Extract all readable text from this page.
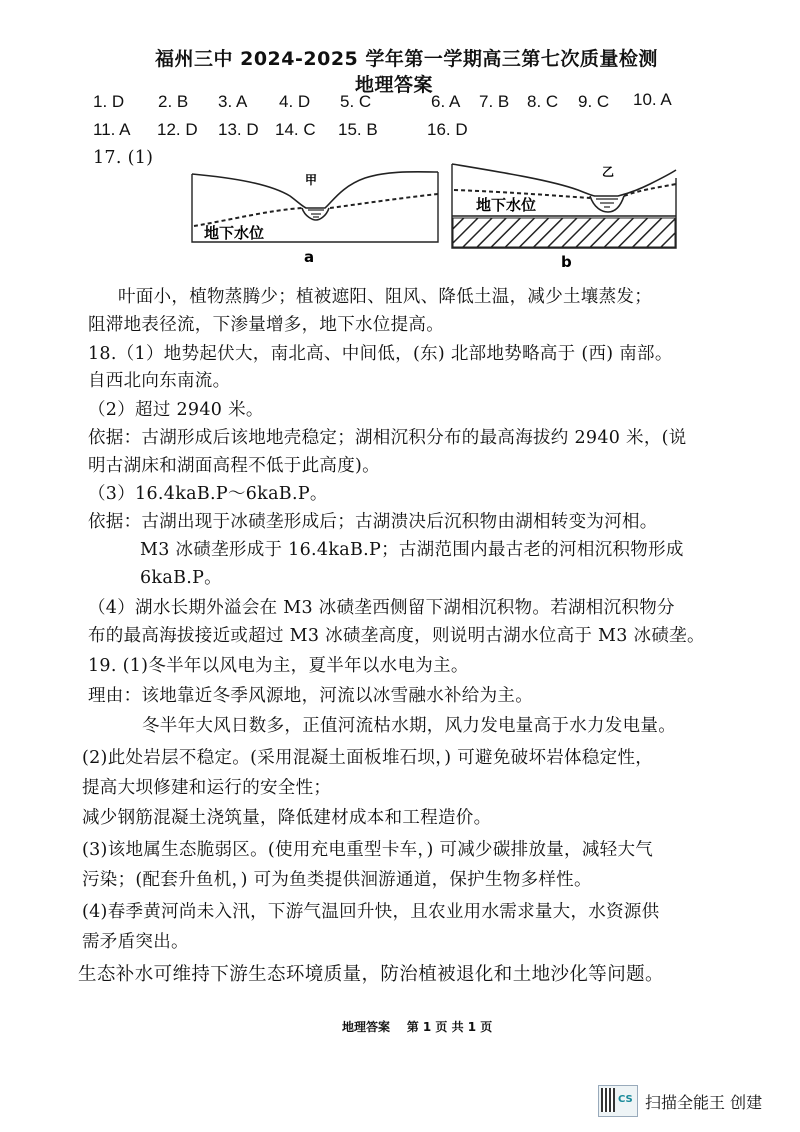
福州三中 2024-2025 学年第一学期高三第七次质量检测
地理答案
1. D 2. B 3. A 4. D 5. C	6. A 7. B 8. C 9. C 10. A
11. A 12. D 13. D 14. C 15. B	16. D
17. (1)
甲
地下水位
a
乙
地下水位
b
叶面小，植物蒸腾少；植被遮阳、阻风、降低土温，减少土壤蒸发；
阻滞地表径流，下渗量增多，地下水位提高。
18.（1）地势起伏大，南北高、中间低，(东) 北部地势略高于 (西) 南部。
自西北向东南流。
（2）超过 2940 米。
依据：古湖形成后该地地壳稳定；湖相沉积分布的最高海拔约 2940 米，(说
明古湖床和湖面高程不低于此高度)。
（3）16.4kaB.P～6kaB.P。
依据：古湖出现于冰碛垄形成后；古湖溃决后沉积物由湖相转变为河相。
M3 冰碛垄形成于 16.4kaB.P；古湖范围内最古老的河相沉积物形成
6kaB.P。
（4）湖水长期外溢会在 M3 冰碛垄西侧留下湖相沉积物。若湖相沉积物分
布的最高海拔接近或超过 M3 冰碛垄高度，则说明古湖水位高于 M3 冰碛垄。
19. (1)冬半年以风电为主，夏半年以水电为主。
理由：该地靠近冬季风源地，河流以冰雪融水补给为主。
冬半年大风日数多，正值河流枯水期，风力发电量高于水力发电量。
(2)此处岩层不稳定。(采用混凝土面板堆石坝，) 可避免破坏岩体稳定性，
提高大坝修建和运行的安全性；
减少钢筋混凝土浇筑量，降低建材成本和工程造价。
(3)该地属生态脆弱区。(使用充电重型卡车，) 可减少碳排放量，减轻大气
污染；(配套升鱼机，) 可为鱼类提供洄游通道，保护生物多样性。
(4)春季黄河尚未入汛，下游气温回升快，且农业用水需求量大，水资源供
需矛盾突出。
生态补水可维持下游生态环境质量，防治植被退化和土地沙化等问题。
地理答案    第 1 页 共 1 页
CS 扫描全能王 创建
